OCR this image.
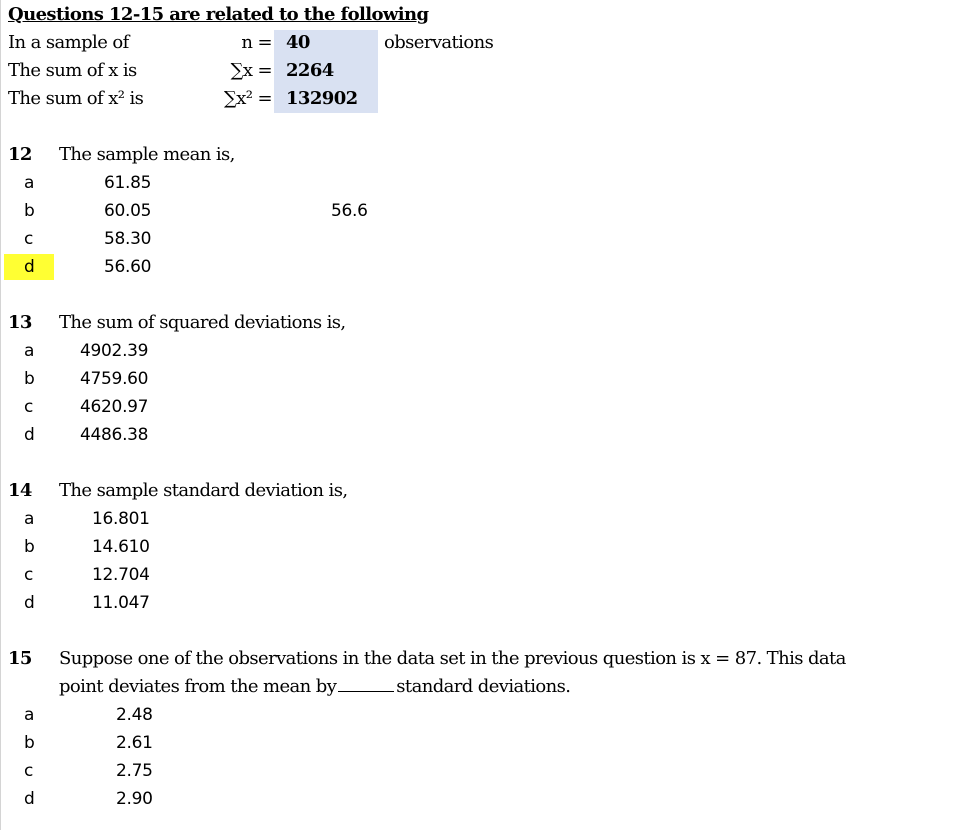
Questions 12-15 are related to the following
In a sample of	n = 40	observations
The sum of x is	∑x = 2264
The sum of x² is	∑x² = 132902
12 The sample mean is,
a	61.85
b	60.05	56.6
c	58.30
d	56.60
13 The sum of squared deviations is,
a	4902.39
b	4759.60
c	4620.97
d	4486.38
14 The sample standard deviation is,
a	16.801
b	14.610
c	12.704
d	11.047
15 Suppose one of the observations in the data set in the previous question is x = 87. This data
point deviates from the mean by	standard deviations.
a	2.48
b	2.61
c	2.75
d	2.90
